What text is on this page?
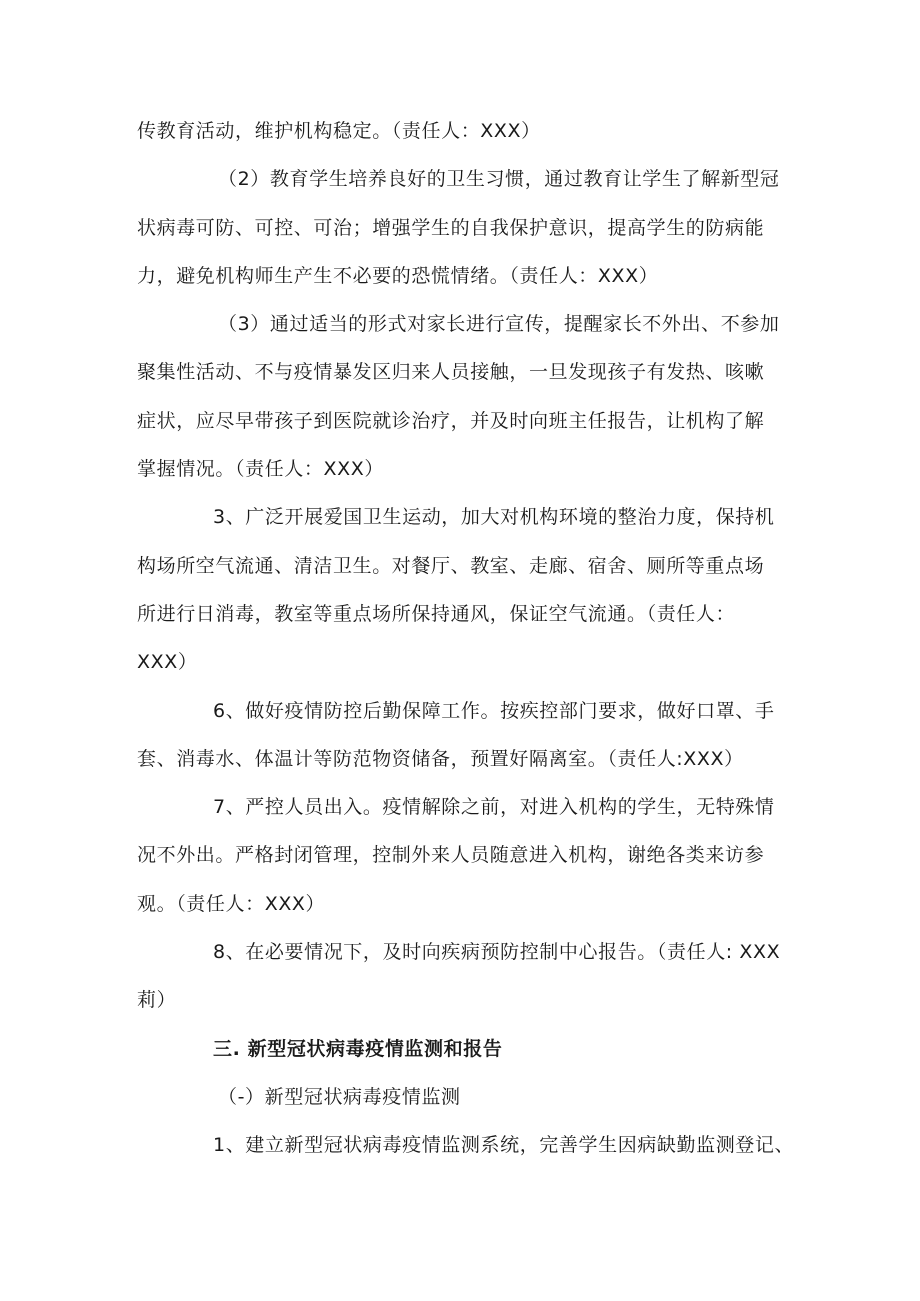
传教育活动，维护机构稳定。（责任人：XXX）
（2）教育学生培养良好的卫生习惯，通过教育让学生了解新型冠
状病毒可防、可控、可治；增强学生的自我保护意识，提高学生的防病能
力，避免机构师生产生不必要的恐慌情绪。（责任人：XXX）
（3）通过适当的形式对家长进行宣传，提醒家长不外出、不参加
聚集性活动、不与疫情暴发区归来人员接触，一旦发现孩子有发热、咳嗽
症状，应尽早带孩子到医院就诊治疗，并及时向班主任报告，让机构了解
掌握情况。（责任人：XXX）
3、广泛开展爱国卫生运动，加大对机构环境的整治力度，保持机
构场所空气流通、清洁卫生。对餐厅、教室、走廊、宿舍、厕所等重点场
所进行日消毒，教室等重点场所保持通风，保证空气流通。（责任人：
XXX）
6、做好疫情防控后勤保障工作。按疾控部门要求，做好口罩、手
套、消毒水、体温计等防范物资储备，预置好隔离室。（责任人:XXX）
7、严控人员出入。疫情解除之前，对进入机构的学生，无特殊情
况不外出。严格封闭管理，控制外来人员随意进入机构，谢绝各类来访参
观。（责任人：XXX）
8、在必要情况下，及时向疾病预防控制中心报告。（责任人: XXX
莉）
三. 新型冠状病毒疫情监测和报告
（-）新型冠状病毒疫情监测
1、建立新型冠状病毒疫情监测系统，完善学生因病缺勤监测登记、
